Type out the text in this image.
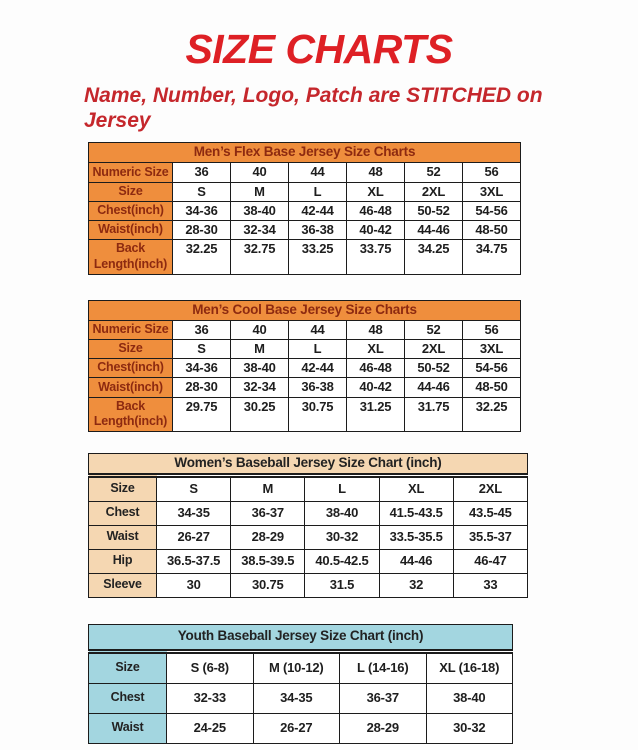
SIZE CHARTS

Name, Number, Logo, Patch are STITCHED on Jersey

Men’s Flex Base Jersey Size Charts						
Numeric Size	36	40	44	48	52	56
Size	S	M	L	XL	2XL	3XL
Chest(inch)	34-36	38-40	42-44	46-48	50-52	54-56
Waist(inch)	28-30	32-34	36-38	40-42	44-46	48-50
Back Length(inch)	32.25	32.75	33.25	33.75	34.25	34.75
Men’s Cool Base Jersey Size Charts						
Numeric Size	36	40	44	48	52	56
Size	S	M	L	XL	2XL	3XL
Chest(inch)	34-36	38-40	42-44	46-48	50-52	54-56
Waist(inch)	28-30	32-34	36-38	40-42	44-46	48-50
Back Length(inch)	29.75	30.25	30.75	31.25	31.75	32.25
Women’s Baseball Jersey Size Chart (inch)					
Size	S	M	L	XL	2XL
Chest	34-35	36-37	38-40	41.5-43.5	43.5-45
Waist	26-27	28-29	30-32	33.5-35.5	35.5-37
Hip	36.5-37.5	38.5-39.5	40.5-42.5	44-46	46-47
Sleeve	30	30.75	31.5	32	33
Youth Baseball Jersey Size Chart (inch)				
Size	S (6-8)	M (10-12)	L (14-16)	XL (16-18)
Chest	32-33	34-35	36-37	38-40
Waist	24-25	26-27	28-29	30-32
